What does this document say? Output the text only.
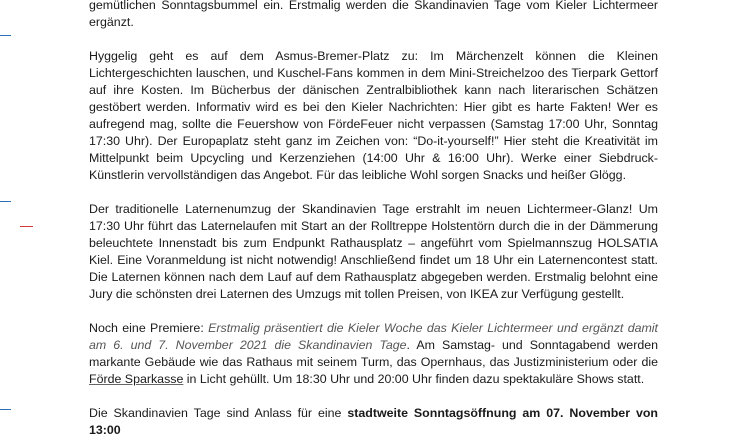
gemütlichen Sonntagsbummel ein. Erstmalig werden die Skandinavien Tage vom Kieler Lichtermeer
ergänzt.
Hyggelig geht es auf dem Asmus-Bremer-Platz zu: Im Märchenzelt können die Kleinen
Lichtergeschichten lauschen, und Kuschel-Fans kommen in dem Mini-Streichelzoo des Tierpark Gettorf
auf ihre Kosten. Im Bücherbus der dänischen Zentralbibliothek kann nach literarischen Schätzen
gestöbert werden. Informativ wird es bei den Kieler Nachrichten: Hier gibt es harte Fakten! Wer es
aufregend mag, sollte die Feuershow von FördeFeuer nicht verpassen (Samstag 17:00 Uhr, Sonntag
17:30 Uhr). Der Europaplatz steht ganz im Zeichen von: “Do-it-yourself!” Hier steht die Kreativität im
Mittelpunkt beim Upcycling und Kerzenziehen (14:00 Uhr & 16:00 Uhr). Werke einer Siebdruck-
Künstlerin vervollständigen das Angebot. Für das leibliche Wohl sorgen Snacks und heißer Glögg.
Der traditionelle Laternenumzug der Skandinavien Tage erstrahlt im neuen Lichtermeer-Glanz! Um
17:30 Uhr führt das Laternelaufen mit Start an der Rolltreppe Holstentörn durch die in der Dämmerung
beleuchtete Innenstadt bis zum Endpunkt Rathausplatz – angeführt vom Spielmannszug HOLSATIA
Kiel. Eine Voranmeldung ist nicht notwendig! Anschließend findet um 18 Uhr ein Laternencontest statt.
Die Laternen können nach dem Lauf auf dem Rathausplatz abgegeben werden. Erstmalig belohnt eine
Jury die schönsten drei Laternen des Umzugs mit tollen Preisen, von IKEA zur Verfügung gestellt.
Noch eine Premiere: Erstmalig präsentiert die Kieler Woche das Kieler Lichtermeer und ergänzt damit
am 6. und 7. November 2021 die Skandinavien Tage. Am Samstag- und Sonntagabend werden
markante Gebäude wie das Rathaus mit seinem Turm, das Opernhaus, das Justizministerium oder die
Förde Sparkasse in Licht gehüllt. Um 18:30 Uhr und 20:00 Uhr finden dazu spektakuläre Shows statt.
Die Skandinavien Tage sind Anlass für eine stadtweite Sonntagsöffnung am 07. November von 13:00
